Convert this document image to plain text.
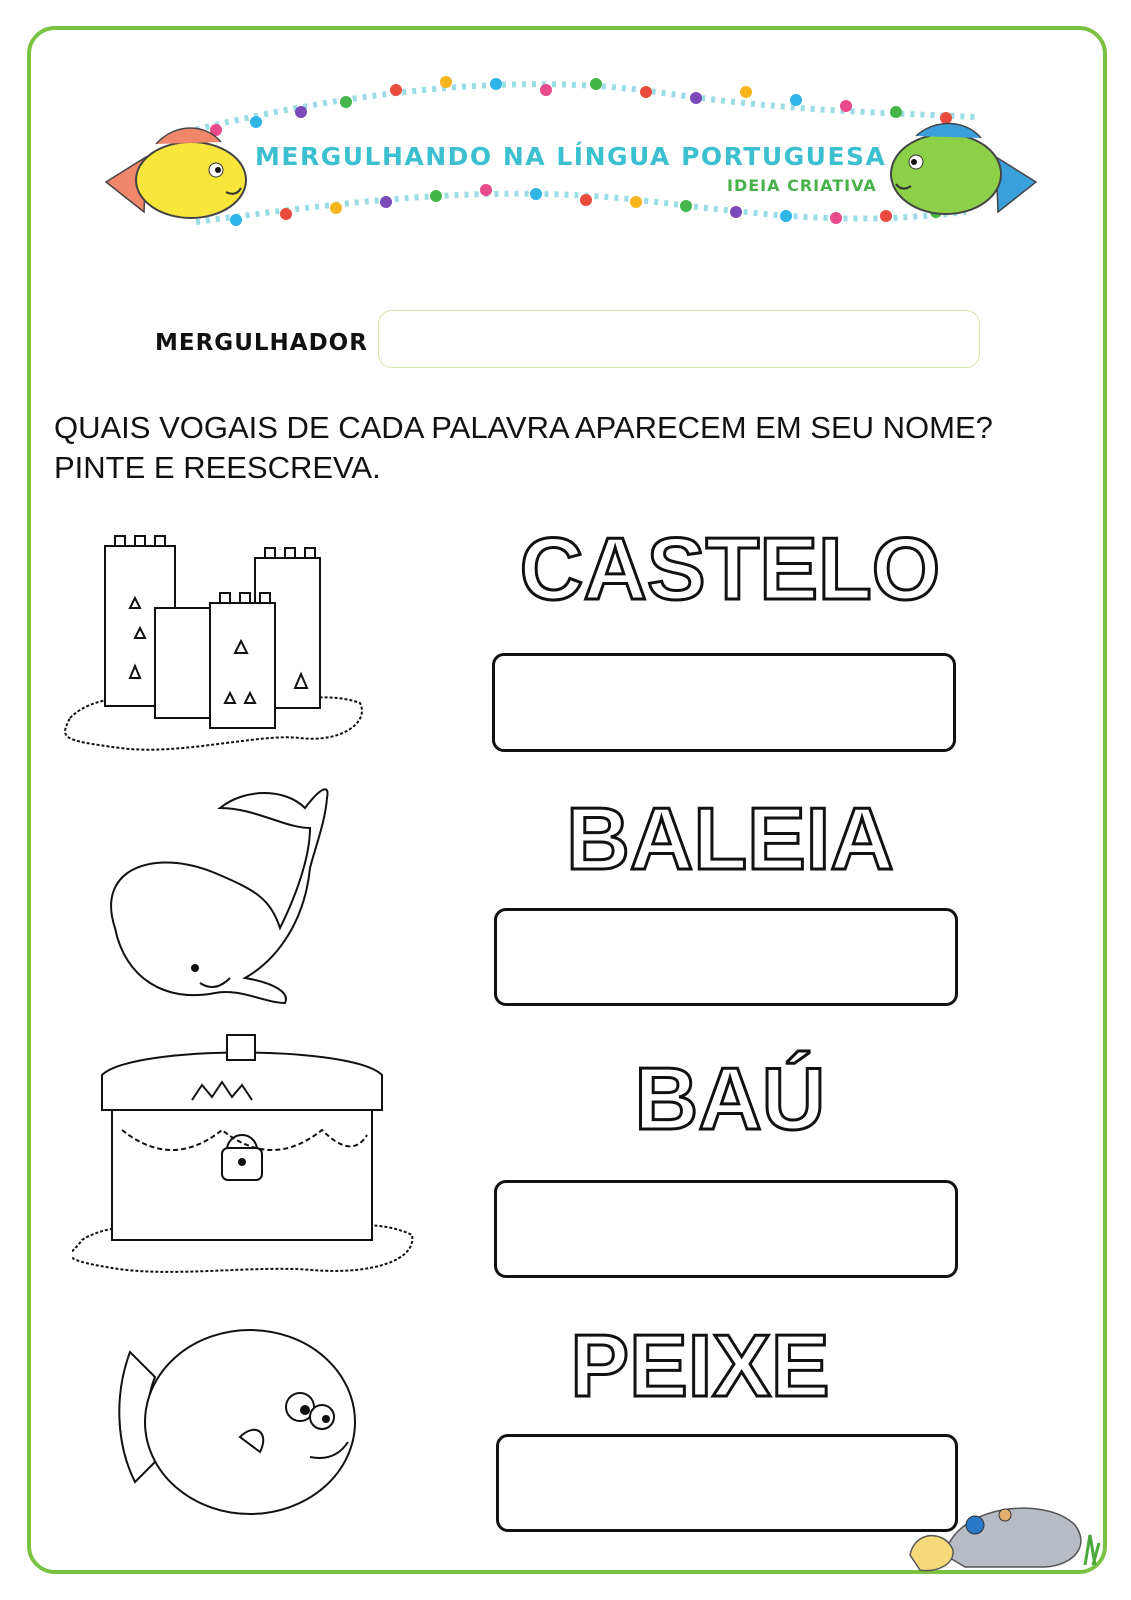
MERGULHANDO NA LÍNGUA PORTUGUESA
IDEIA CRIATIVA
MERGULHADOR
QUAIS VOGAIS DE CADA PALAVRA APARECEM EM SEU NOME?
PINTE E REESCREVA.
CASTELO
BALEIA
BAÚ
PEIXE
